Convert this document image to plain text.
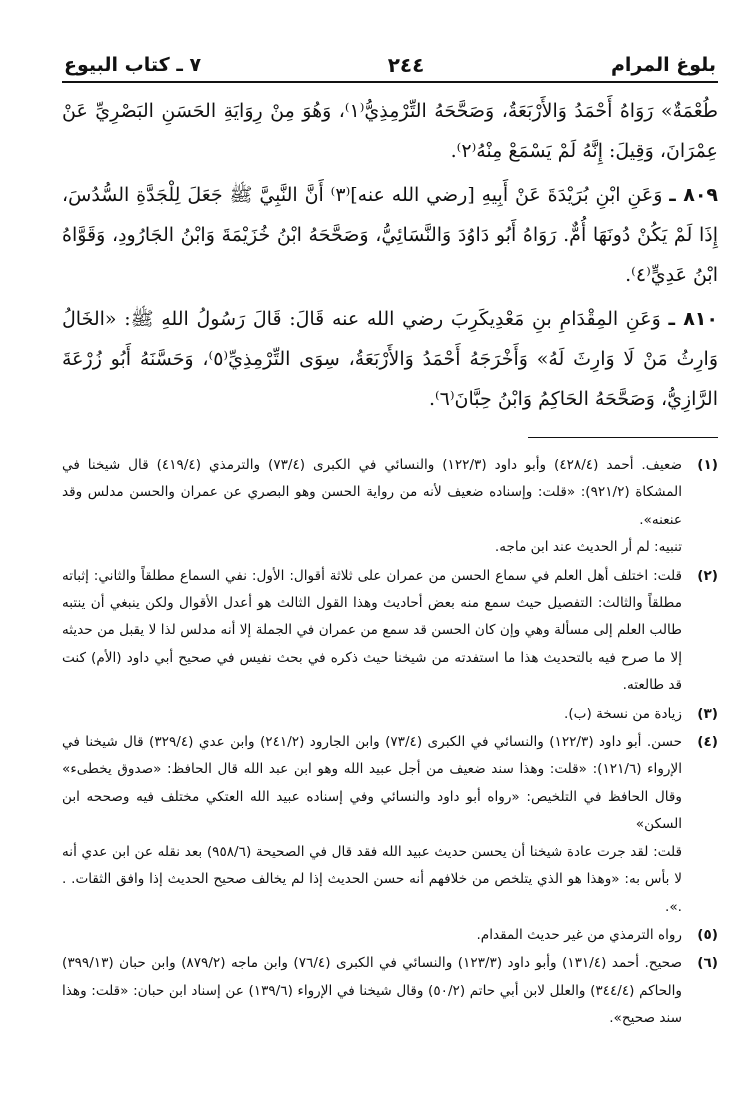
بلوغ المرام
٢٤٤
٧ ـ كتاب البيوع

طُعْمَةٌ» رَوَاهُ أَحْمَدُ وَالأَرْبَعَةُ، وَصَحَّحَهُ التِّرْمِذِيُّ⁽١⁾، وَهُوَ مِنْ رِوَايَةِ الحَسَنِ البَصْرِيِّ عَنْ عِمْرَانَ، وَقِيلَ: إِنَّهُ لَمْ يَسْمَعْ مِنْهُ⁽٢⁾.

٨٠٩ ـ وَعَنِ ابْنِ بُرَيْدَةَ عَنْ أَبِيهِ [رضي الله عنه]⁽٣⁾ أَنَّ النَّبِيَّ ﷺ جَعَلَ لِلْجَدَّةِ السُّدُسَ، إِذَا لَمْ يَكُنْ دُونَهَا أُمٌّ. رَوَاهُ أَبُو دَاوُدَ وَالنَّسَائِيُّ، وَصَحَّحَهُ ابْنُ خُزَيْمَةَ وَابْنُ الجَارُودِ، وَقَوَّاهُ ابْنُ عَدِيٍّ⁽٤⁾.

٨١٠ ـ وَعَنِ المِقْدَامِ بنِ مَعْدِيكَرِبَ رضي الله عنه قَالَ: قَالَ رَسُولُ اللهِ ﷺ: «الخَالُ وَارِثُ مَنْ لَا وَارِثَ لَهُ» وَأَخْرَجَهُ أَحْمَدُ وَالأَرْبَعَةُ، سِوَى التِّرْمِذِيِّ⁽٥⁾، وَحَسَّنَهُ أَبُو زُرْعَةَ الرَّازِيُّ، وَصَحَّحَهُ الحَاكِمُ وَابْنُ حِبَّانَ⁽٦⁾.

(١)
ضعيف. أحمد (٤٢٨/٤) وأبو داود (١٢٢/٣) والنسائي في الكبرى (٧٣/٤) والترمذي (٤١٩/٤) قال شيخنا في المشكاة (٩٢١/٢): «قلت: وإسناده ضعيف لأنه من رواية الحسن وهو البصري عن عمران والحسن مدلس وقد عنعنه».
تنبيه: لم أر الحديث عند ابن ماجه.
(٢)
قلت: اختلف أهل العلم في سماع الحسن من عمران على ثلاثة أقوال: الأول: نفي السماع مطلقاً والثاني: إثباته مطلقاً والثالث: التفصيل حيث سمع منه بعض أحاديث وهذا القول الثالث هو أعدل الأقوال ولكن ينبغي أن ينتبه طالب العلم إلى مسألة وهي وإن كان الحسن قد سمع من عمران في الجملة إلا أنه مدلس لذا لا يقبل من حديثه إلا ما صرح فيه بالتحديث هذا ما استفدته من شيخنا حيث ذكره في بحث نفيس في صحيح أبي داود (الأم) كنت قد طالعته.
(٣)
زيادة من نسخة (ب).
(٤)
حسن. أبو داود (١٢٢/٣) والنسائي في الكبرى (٧٣/٤) وابن الجارود (٢٤١/٢) وابن عدي (٣٢٩/٤) قال شيخنا في الإرواء (١٢١/٦): «قلت: وهذا سند ضعيف من أجل عبيد الله وهو ابن عبد الله قال الحافظ: «صدوق يخطىء» وقال الحافظ في التلخيص: «رواه أبو داود والنسائي وفي إسناده عبيد الله العتكي مختلف فيه وصححه ابن السكن»
قلت: لقد جرت عادة شيخنا أن يحسن حديث عبيد الله فقد قال في الصحيحة (٩٥٨/٦) بعد نقله عن ابن عدي أنه لا بأس به: «وهذا هو الذي يتلخص من خلافهم أنه حسن الحديث إذا لم يخالف صحيح الحديث إذا وافق الثقات. . .».
(٥)
رواه الترمذي من غير حديث المقدام.
(٦)
صحيح. أحمد (١٣١/٤) وأبو داود (١٢٣/٣) والنسائي في الكبرى (٧٦/٤) وابن ماجه (٨٧٩/٢) وابن حبان (٣٩٩/١٣) والحاكم (٣٤٤/٤) والعلل لابن أبي حاتم (٥٠/٢) وقال شيخنا في الإرواء (١٣٩/٦) عن إسناد ابن حبان: «قلت: وهذا سند صحيح».
